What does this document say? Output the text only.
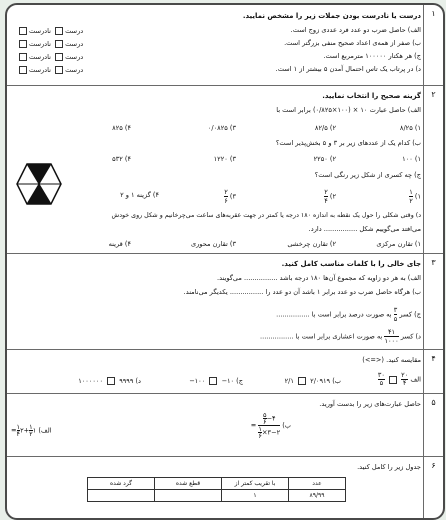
۱
درست یا نادرست بودن جملات زیر را مشخص نمایید.
الف) حاصل ضرب دو عدد فرد عددی زوج است.
ب) صفر از همه‌ی اعداد صحیح منفی بزرگتر است.
ج) هر هکتار ۱۰۰۰۰۰ مترمربع است.
د) در پرتاب یک تاس احتمال آمدن ۵ بیشتر از ۱ است.
درست نادرست
درست نادرست
درست نادرست
درست نادرست
۲
گزینه صحیح را انتخاب نمایید.
الف) حاصل عبارت ۱۰ × (۱۰۰×۰/۸۲۵) برابر است با
۱) ۸/۲۵
۲) ۸۲/۵
۳) ۰/۰۸۲۵
۴) ۸۲۵
ب) کدام یک از عددهای زیر بر ۳ و ۵ بخش‌پذیر است؟
۱) ۱۰۰
۲) ۲۲۵۰
۳) ۱۲۲۰
۴) ۵۳۲
ج) چه کسری از شکل زیر رنگی است؟
۱)
۱
۲
۲)
۲
۴
۳)
۲
۶
۴) گزینه ۱ و ۲
د) وقتی شکلی را حول یک نقطه به اندازه ۱۸۰ درجه یا کمتر در جهت عقربه‌های ساعت می‌چرخانیم و شکل روی خودش
می‌افتد می‌گوییم شکل ................ دارد.
۱) تقارن مرکزی
۲) تقارن چرخشی
۳) تقارن محوری
۴) قرینه
۳
جای خالی را با کلمات مناسب کامل کنید.
الف) به هر دو زاویه که مجموع آن‌ها ۱۸۰ درجه باشد ................ می‌گویند.
ب) هرگاه حاصل ضرب دو عدد برابر ۱ باشد آن دو عدد را ................ یکدیگر می‌نامند.
ج) کسر
۳
۵
به صورت درصد برابر است با ................
د) کسر
۴۱
۱۰۰۰
به صورت اعشاری برابر است با ................
۴
مقایسه کنید. (<=>)
الف
۲۰
۴

۳۰
۵
ب) ۲/۰۹۱۹  ۲/۱
ج) ۱۰−  ۱۰۰−
د) ۹۹۹۹  ۱۰۰۰۰۰۰
۵
حاصل عبارت‌های زیر را بدست آورید.
ب)
۴−
۵
۶
۳−۲×
۱
۶
=
الف) ۱
۱
۲
+۲
۱
۴
=
۶
جدول زیر را کامل کنید.
عدد	با تقریب کمتر از	قطع شده	گرد شده
۸۹/۹۹	۱		
